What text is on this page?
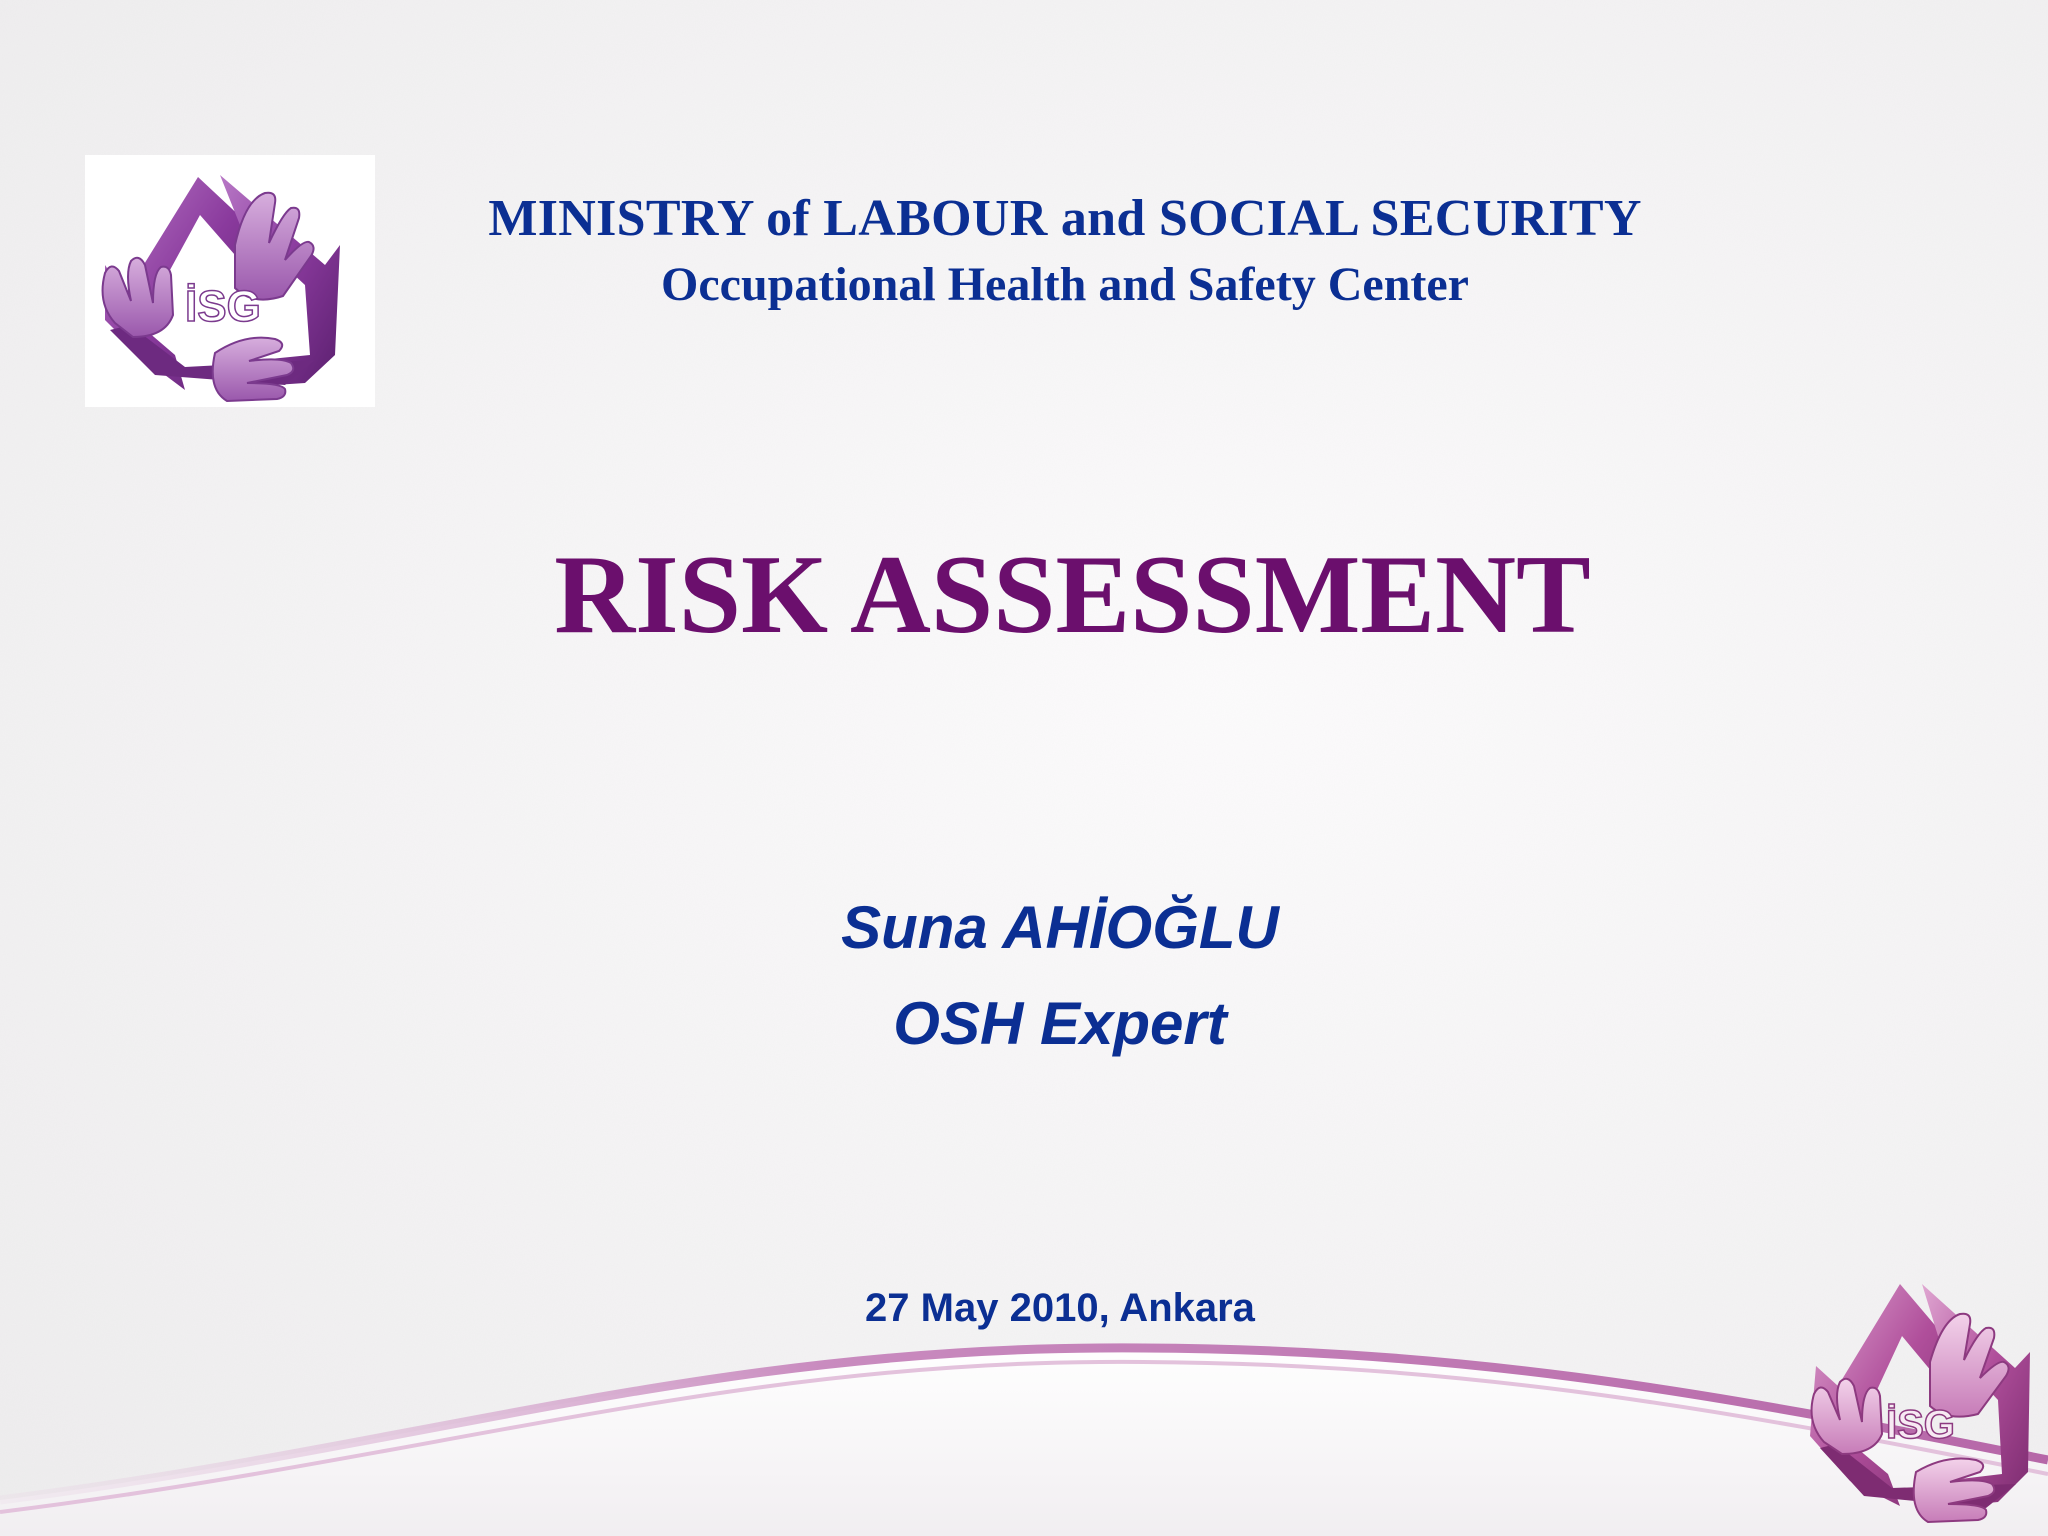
İSG
MINISTRY of LABOUR and SOCIAL SECURITY
Occupational Health and Safety Center
RISK ASSESSMENT
Suna AHİOĞLU
OSH Expert
27 May 2010, Ankara
İSG
